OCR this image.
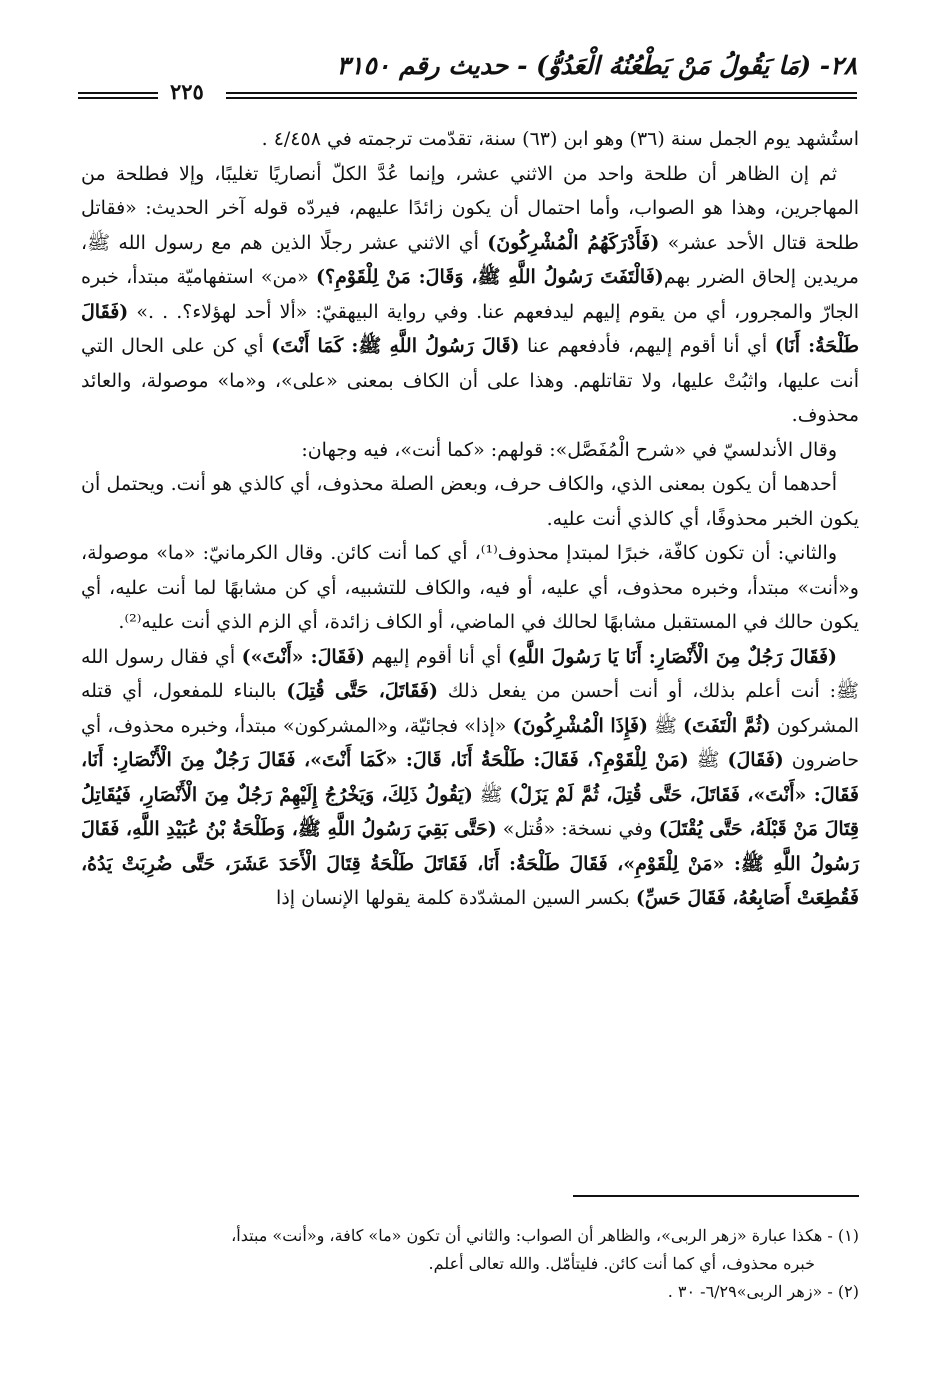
٢٨- (مَا يَقُولُ مَنْ يَطْعُنُهُ الْعَدُوُّ) - حديث رقم ٣١٥٠
٢٢٥

استُشهد يوم الجمل سنة (٣٦) وهو ابن (٦٣) سنة، تقدّمت ترجمته في ٤/٤٥٨ .

ثم إن الظاهر أن طلحة واحد من الاثني عشر، وإنما عُدَّ الكلّ أنصاريًا تغليبًا، وإلا فطلحة من المهاجرين، وهذا هو الصواب، وأما احتمال أن يكون زائدًا عليهم، فيردّه قوله آخر الحديث: «فقاتل طلحة قتال الأحد عشر» (فَأَدْرَكَهُمُ الْمُشْرِكُونَ) أي الاثني عشر رجلًا الذين هم مع رسول الله ﷺ، مريدين إلحاق الضرر بهم(فَالْتَفَتَ رَسُولُ اللَّهِ ﷺ، وَقَالَ: مَنْ لِلْقَوْمِ؟) «من» استفهاميّة مبتدأ، خبره الجارّ والمجرور، أي من يقوم إليهم ليدفعهم عنا. وفي رواية البيهقيّ: «ألا أحد لهؤلاء؟. . .» (فَقَالَ طَلْحَةُ: أَنَا) أي أنا أقوم إليهم، فأدفعهم عنا (قَالَ رَسُولُ اللَّهِ ﷺ: كَمَا أَنْتَ) أي كن على الحال التي أنت عليها، واثبُتْ عليها، ولا تقاتلهم. وهذا على أن الكاف بمعنى «على»، و«ما» موصولة، والعائد محذوف.

وقال الأندلسيّ في «شرح الْمُفَصَّل»: قولهم: «كما أنت»، فيه وجهان:

أحدهما أن يكون بمعنى الذي، والكاف حرف، وبعض الصلة محذوف، أي كالذي هو أنت. ويحتمل أن يكون الخبر محذوفًا، أي كالذي أنت عليه.

والثاني: أن تكون كافّة، خبرًا لمبتدإ محذوف⁽¹⁾، أي كما أنت كائن. وقال الكرمانيّ: «ما» موصولة، و«أنت» مبتدأ، وخبره محذوف، أي عليه، أو فيه، والكاف للتشبيه، أي كن مشابهًا لما أنت عليه، أي يكون حالك في المستقبل مشابهًا لحالك في الماضي، أو الكاف زائدة، أي الزم الذي أنت عليه⁽²⁾.

(فَقَالَ رَجُلٌ مِنَ الْأَنْصَارِ: أَنَا يَا رَسُولَ اللَّهِ) أي أنا أقوم إليهم (فَقَالَ: «أَنْتَ») أي فقال رسول الله ﷺ: أنت أعلم بذلك، أو أنت أحسن من يفعل ذلك (فَقَاتَلَ، حَتَّى قُتِلَ) بالبناء للمفعول، أي قتله المشركون (ثُمَّ الْتَفَتَ) ﷺ (فَإِذَا الْمُشْرِكُونَ) «إذا» فجائيّة، و«المشركون» مبتدأ، وخبره محذوف، أي حاضرون (فَقَالَ) ﷺ (مَنْ لِلْقَوْمِ؟، فَقَالَ: طَلْحَةُ أَنَا، قَالَ: «كَمَا أَنْتَ»، فَقَالَ رَجُلٌ مِنَ الْأَنْصَارِ: أَنَا، فَقَالَ: «أَنْتَ»، فَقَاتَلَ، حَتَّى قُتِلَ، ثُمَّ لَمْ يَزَلْ) ﷺ (يَقُولُ ذَلِكَ، وَيَخْرُجُ إِلَيْهِمْ رَجُلٌ مِنَ الْأَنْصَارِ، فَيُقَاتِلُ قِتَالَ مَنْ قَبْلَهُ، حَتَّى يُقْتَلَ) وفي نسخة: «قُتل» (حَتَّى بَقِيَ رَسُولُ اللَّهِ ﷺ، وَطَلْحَةُ بْنُ عُبَيْدِ اللَّهِ، فَقَالَ رَسُولُ اللَّهِ ﷺ: «مَنْ لِلْقَوْمِ»، فَقَالَ طَلْحَةُ: أَنَا، فَقَاتَلَ طَلْحَةُ قِتَالَ الْأَحَدَ عَشَرَ، حَتَّى ضُرِبَتْ يَدُهُ، فَقُطِعَتْ أَصَابِعُهُ، فَقَالَ حَسِّ) بكسر السين المشدّدة كلمة يقولها الإنسان إذا

(١) - هكذا عبارة «زهر الربى»، والظاهر أن الصواب: والثاني أن تكون «ما» كافة، و«أنت» مبتدأ،

خبره محذوف، أي كما أنت كائن. فليتأمّل. والله تعالى أعلم.

(٢) - «زهر الربى»٦/٢٩- ٣٠ .
